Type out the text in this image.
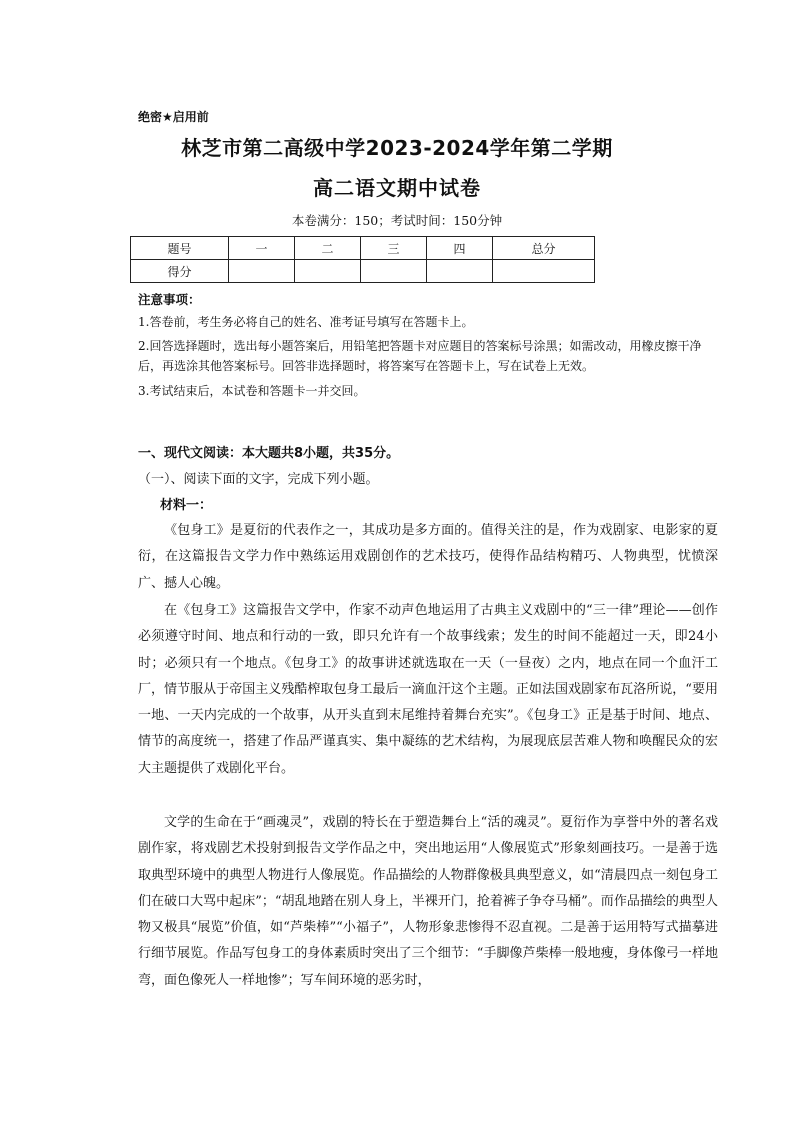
绝密★启用前
林芝市第二高级中学2023-2024学年第二学期
高二语文期中试卷
本卷满分：150；考试时间：150分钟
题号	一	二	三	四	总分
得分					
注意事项：
1.答卷前，考生务必将自己的姓名、准考证号填写在答题卡上。
2.回答选择题时，选出每小题答案后，用铅笔把答题卡对应题目的答案标号涂黑；如需改动，用橡皮擦干净后，再选涂其他答案标号。回答非选择题时，将答案写在答题卡上，写在试卷上无效。
3.考试结束后，本试卷和答题卡一并交回。
一、现代文阅读：本大题共8小题，共35分。
（一）、阅读下面的文字，完成下列小题。
材料一：
《包身工》是夏衍的代表作之一，其成功是多方面的。值得关注的是，作为戏剧家、电影家的夏衍，在这篇报告文学力作中熟练运用戏剧创作的艺术技巧，使得作品结构精巧、人物典型，忧愤深广、撼人心魄。
在《包身工》这篇报告文学中，作家不动声色地运用了古典主义戏剧中的“三一律”理论——创作必须遵守时间、地点和行动的一致，即只允许有一个故事线索；发生的时间不能超过一天，即24小时；必须只有一个地点。《包身工》的故事讲述就选取在一天（一昼夜）之内，地点在同一个血汗工厂，情节服从于帝国主义残酷榨取包身工最后一滴血汗这个主题。正如法国戏剧家布瓦洛所说，“要用一地、一天内完成的一个故事，从开头直到末尾维持着舞台充实”。《包身工》正是基于时间、地点、情节的高度统一，搭建了作品严谨真实、集中凝练的艺术结构，为展现底层苦难人物和唤醒民众的宏大主题提供了戏剧化平台。
文学的生命在于“画魂灵”，戏剧的特长在于塑造舞台上“活的魂灵”。夏衍作为享誉中外的著名戏剧作家，将戏剧艺术投射到报告文学作品之中，突出地运用“人像展览式”形象刻画技巧。一是善于选取典型环境中的典型人物进行人像展览。作品描绘的人物群像极具典型意义，如“清晨四点一刻包身工们在破口大骂中起床”；“胡乱地踏在别人身上，半裸开门，抢着裤子争夺马桶”。而作品描绘的典型人物又极具“展览”价值，如“芦柴棒”“小福子”，人物形象悲惨得不忍直视。二是善于运用特写式描摹进行细节展览。作品写包身工的身体素质时突出了三个细节：“手脚像芦柴棒一般地瘦，身体像弓一样地弯，面色像死人一样地惨”；写车间环境的恶劣时，
